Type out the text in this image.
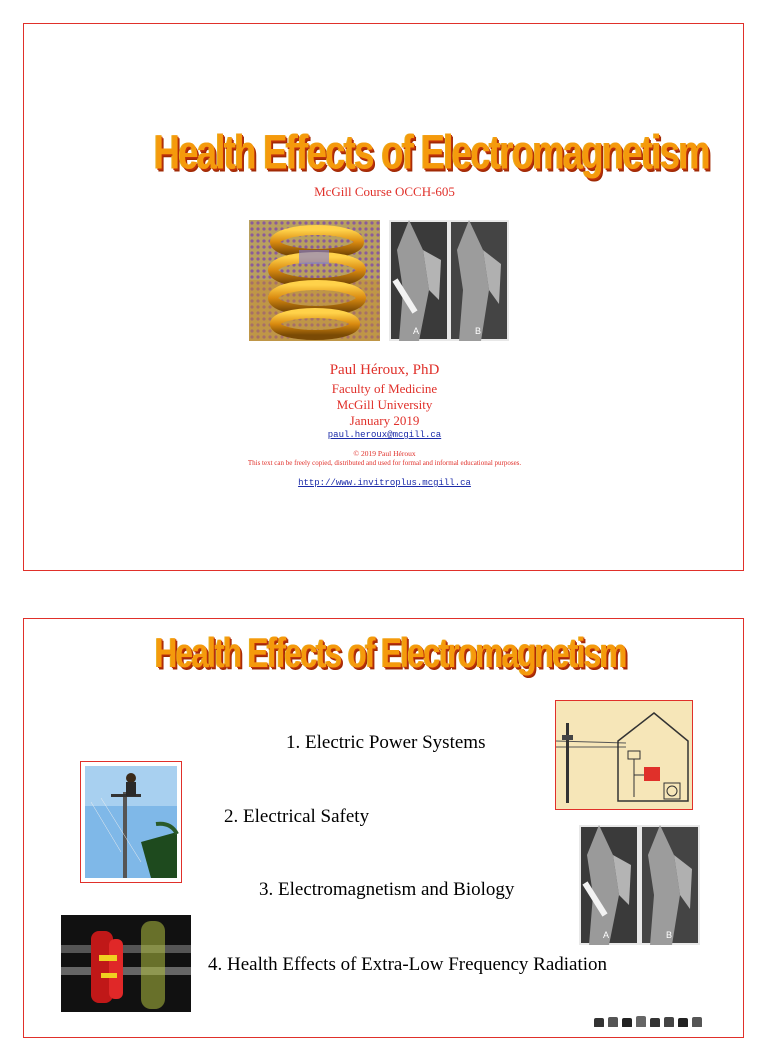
Health Effects of Electromagnetism
McGill Course OCCH-605
A	B
Paul Héroux, PhD
Faculty of Medicine
McGill University
January 2019
paul.heroux@mcgill.ca
© 2019 Paul Héroux
This text can be freely copied, distributed and used for formal and informal educational purposes.
http://www.invitroplus.mcgill.ca
Health Effects of Electromagnetism
1. Electric Power Systems
2. Electrical Safety
3. Electromagnetism and Biology
4. Health Effects of Extra-Low Frequency Radiation
A	B
